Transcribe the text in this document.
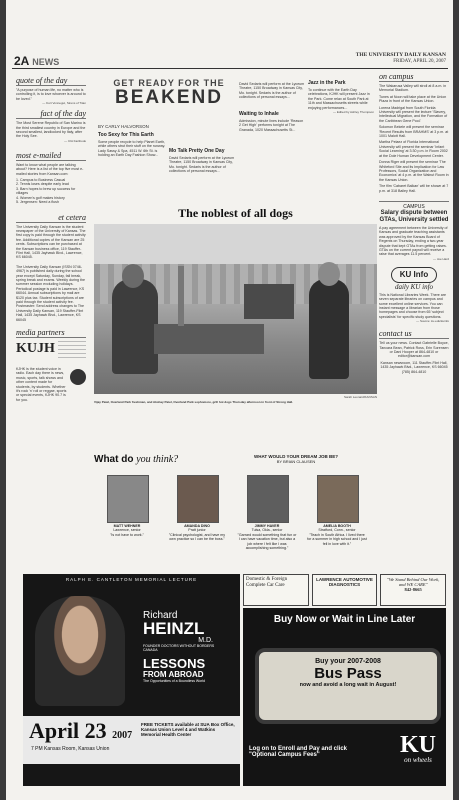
2A NEWS
THE UNIVERSITY DAILY KANSAN
FRIDAY, APRIL 20, 2007
quote of the day
"A purpose of human life, no matter who is controlling it, is to love whoever is around to be loved."
— Kurt Vonnegut, Sirens of Titan
fact of the day
The Most Serene Republic of San Marino is the third smallest country in Europe and the second smallest, landlocked by Italy, after the Holy See.
— CIA Factbook
most e-mailed
Want to know what people are talking about? Here is a list of the top five most e-mailed stories from Kansan.com:
1. Campus to Business Casual
2. Tennis loses despite early lead
3. Barn hopes to brew up success for villages
4. Women's golf makes history
5. Jergensen: Need a flush
et cetera
The University Daily Kansan is the student newspaper of the University of Kansas. The first copy is paid through the student activity fee. Additional copies of the Kansan are 25 cents. Subscriptions can be purchased at the Kansan business office, 119 Stauffer-Flint Hall, 1435 Jayhawk Blvd., Lawrence, KS 66045.
The University Daily Kansan (ISSN 0746-4967) is published daily during the school year except Saturday, Sunday, fall break, spring break and exams. Weekly during the summer session excluding holidays. Periodical postage is paid in Lawrence, KS 66044. Annual subscriptions by mail are $120 plus tax. Student subscriptions of are paid through the student activity fee. Postmaster: Send address changes to The University Daily Kansan, 119 Stauffer-Flint Hall, 1435 Jayhawk Blvd., Lawrence, KS 66045
media partners
KUJH
KJHK is the student voice in radio. Each day there is news, music, sports, talk shows and other content made for students, by students. Whether it's rock 'n' roll or reggae, sports or special events, KJHK 90.7 is for you.
GET READY FOR THE
BEAKEND
BY CARLY HALVORSON
Too Sexy for This Earth
Some people recycle to help Planet Earth, while others strut their stuff on the runway. Lady Sassy & Spa, 4511 W. 6th St. is holding an Earth Day Fashion Show...
Mo Talk Pretty One Day
David Sedaris will perform at the Lyceum Theatre, 1150 Broadway in Kansas City, Mo. tonight. Sedaris is the author of collections of personal essays...
David Sedaris will perform at the Lyceum Theatre, 1150 Broadway in Kansas City, Mo. tonight. Sedaris is the author of collections of personal essays...
Waiting to Inhale
Admission, minute lines include 'Reason 2 Get High' performs tonight at The Granada, 1020 Massachusetts St...
Jazz in the Park
To continue with the Earth Day celebrations, KJHK will present Jazz in the Park. Come relax at South Park at 11th and Massachusetts streets while enjoying performances...
— Edited by Ashley Thompson
The noblest of all dogs
Sarah Leonard/KANSAN
Vijay Patel, Overland Park freshman, and Akshay Patel, Overland Park sophomore, grill hot dogs Thursday afternoon in front of Strong Hall.
on campus
The Wakarusa Valley will stroll at 8 a.m. in Memorial Stadium.
Tunes at Noon will take place at the Union Plaza in front of the Kansas Union.
Lorena Madrigal from South Florida University will present the lecture 'Slavery, Intellectual Migration, and the Formation of the Caribbean Gene Pool.'
Solomon Bekele will present the seminar 'Recent Results from BRAHMS' at 3 p.m. at 1001 Malott Hall.
Martha Pelaez of Florida International University will present the seminar 'Infant Social Learning' at 3:30 p.m. in Room 2002 at the Dole Human Development Center.
Donna Riger will present the seminar 'The Whiteford Site and its Implication for Law Professors, Social Organization and Economics' at 4 p.m. at the Walnut Room in the Kansas Union.
The film 'Cabaret Balkan' will be shown at 7 p.m. at 318 Bailey Hall.
CAMPUS
Salary dispute between GTAs, University settled
A pay agreement between the University of Kansas and graduate teaching assistants was approved by the Kansas Board of Regents on Thursday, ending a two-year dispute that kept GTAs from getting raises. GTAs on the current payroll will receive a raise that averages 11.5 percent.
— Joe Hard
KU Info
daily KU info
This is National Libraries Week. There are seven separate libraries on campus and some excellent online services. You can instant message a librarian from those homepages and choose from 65 'subject specialists' for specific study questions.
— Source: ku.edu/kuinfo
contact us
Tell us your news. Contact Gabrielle Boyce, Tancara Bean, Patrick Ross, Erin Sorensen or Dani Hooper at 864-4810 or editor@kansan.com
Kansan newsroom, 111 Stauffer-Flint Hall, 1435 Jayhawk Blvd., Lawrence, KS 66045 (785) 864-4810
What do you think?	WHAT WOULD YOUR DREAM JOB BE?
BY BRIAN CLAUSEN
MATT WEHNER
Lawrence, senior
"Is not have to work."
AMANDA DINO
Pratt junior
"Clinical psychologist, and have my own practice so I can be the boss."
JIMMY HAVER
Tulsa, Okla., senior
"Garrard would something that fun or I can have vacation time, but also a job where I felt like I was accomplishing something."
AMELIA BOOTH
Stratford, Conn., senior
"Teach in South Africa. I lived there for a summer in high school and I just fell in love with it."
RALPH E. CANTLETON MEMORIAL LECTURE
Richard
HEINZL
M.D.
FOUNDER DOCTORS WITHOUT BORDERS CANADA
LESSONS
FROM ABROAD
The Opportunities of a Boundless World
April 23 2007
7 PM Kansas Room, Kansas Union
FREE TICKETS available at SUA Box Office, Kansas Union Level 4 and Watkins Memorial Health Center
Domestic & Foreign Complete Car Care
LAWRENCE AUTOMOTIVE DIAGNOSTICS
"We Stand Behind Our Work, and WE CARE"
842-8665
Buy Now or Wait in Line Later
Buy your 2007-2008
Bus Pass
now and avoid a long wait in August!
Log on to Enroll and Pay and click "Optional Campus Fees"	KU
on wheels
